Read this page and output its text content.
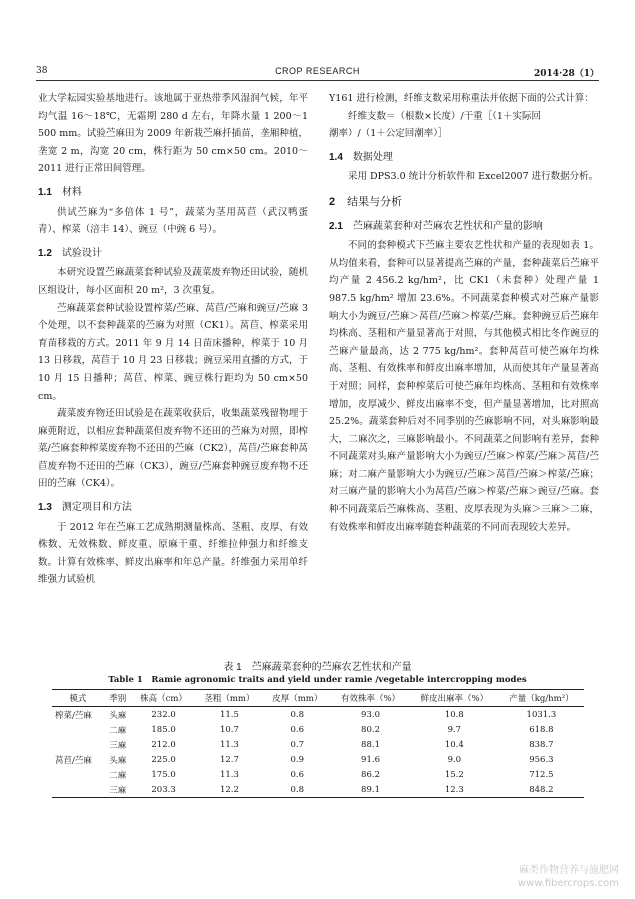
38	CROP RESEARCH	2014·28（1）

业大学耘园实验基地进行。该地属于亚热带季风湿润气候，年平均气温 16～18℃，无霜期 280 d 左右，年降水量 1 200～1 500 mm。试验苎麻田为 2009 年新栽苎麻扦插苗，垄厢种植，垄宽 2 m，沟宽 20 cm，株行距为 50 cm×50 cm。2010～2011 进行正常田间管理。

1.1 材料

供试苎麻为“多倍体 1 号”，蔬菜为茎用莴苣（武汉鸭蛋青）、榨菜（涪丰 14）、豌豆（中豌 6 号）。

1.2 试验设计

本研究设置苎麻蔬菜套种试验及蔬菜废弃物还田试验，随机区组设计，每小区面积 20 m²，3 次重复。

苎麻蔬菜套种试验设置榨菜/苎麻、莴苣/苎麻和豌豆/苎麻 3 个处理，以不套种蔬菜的苎麻为对照（CK1）。莴苣、榨菜采用育苗移栽的方式。2011 年 9 月 14 日苗床播种，榨菜于 10 月 13 日移栽，莴苣于 10 月 23 日移栽；豌豆采用直播的方式，于 10 月 15 日播种；莴苣、榨菜、豌豆株行距均为 50 cm×50 cm。

蔬菜废弃物还田试验是在蔬菜收获后，收集蔬菜残留物埋于麻蔸附近，以相应套种蔬菜但废弃物不还田的苎麻为对照，即榨菜/苎麻套种榨菜废弃物不还田的苎麻（CK2），莴苣/苎麻套种莴苣废弃物不还田的苎麻（CK3），豌豆/苎麻套种豌豆废弃物不还田的苎麻（CK4）。

1.3 测定项目和方法

于 2012 年在苎麻工艺成熟期测量株高、茎粗、皮厚、有效株数、无效株数、鲜皮重、原麻干重、纤维拉伸强力和纤维支数。计算有效株率、鲜皮出麻率和年总产量。纤维强力采用单纤维强力试验机

Y161 进行检测，纤维支数采用称重法并依据下面的公式计算：

纤维支数＝（根数×长度）/干重［（1＋实际回

潮率）/（1＋公定回潮率）］

1.4 数据处理

采用 DPS3.0 统计分析软件和 Excel2007 进行数据分析。

2 结果与分析
2.1 苎麻蔬菜套种对苎麻农艺性状和产量的影响

不同的套种模式下苎麻主要农艺性状和产量的表现如表 1。从均值来看，套种可以显著提高苎麻的产量，套种蔬菜后苎麻平均产量 2 456.2 kg/hm²，比 CK1（未套种）处理产量 1 987.5 kg/hm² 增加 23.6%。不同蔬菜套种模式对苎麻产量影响大小为豌豆/苎麻＞莴苣/苎麻＞榨菜/苎麻。套种豌豆后苎麻年均株高、茎粗和产量显著高于对照，与其他模式相比冬作豌豆的苎麻产量最高，达 2 775 kg/hm²。套种莴苣可使苎麻年均株高、茎粗、有效株率和鲜皮出麻率增加，从而使其年产量显著高于对照；同样，套种榨菜后可使苎麻年均株高、茎粗和有效株率增加，皮厚减少、鲜皮出麻率不变，但产量显著增加，比对照高 25.2%。蔬菜套种后对不同季别的苎麻影响不同，对头麻影响最大，二麻次之，三麻影响最小。不同蔬菜之间影响有差异，套种不同蔬菜对头麻产量影响大小为豌豆/苎麻＞榨菜/苎麻＞莴苣/苎麻；对二麻产量影响大小为豌豆/苎麻＞莴苣/苎麻＞榨菜/苎麻；对三麻产量的影响大小为莴苣/苎麻＞榨菜/苎麻＞豌豆/苎麻。套种不同蔬菜后苎麻株高、茎粗、皮厚表现为头麻＞三麻＞二麻，有效株率和鲜皮出麻率随套种蔬菜的不同而表现较大差异。

表 1　苎麻蔬菜套种的苎麻农艺性状和产量
Table 1　Ramie agronomic traits and yield under ramie /vegetable intercropping modes
模式	季别	株高（cm）	茎粗（mm）	皮厚（mm）	有效株率（%）	鲜皮出麻率（%）	产量（kg/hm²）
榨菜/苎麻	头麻	232.0	11.5	0.8	93.0	10.8	1031.3
	二麻	185.0	10.7	0.6	80.2	9.7	618.8
	三麻	212.0	11.3	0.7	88.1	10.4	838.7
莴苣/苎麻	头麻	225.0	12.7	0.9	91.6	9.0	956.3
	二麻	175.0	11.3	0.6	86.2	15.2	712.5
	三麻	203.3	12.2	0.8	89.1	12.3	848.2
麻类作物营养与施肥网
www.fibercrops.com
